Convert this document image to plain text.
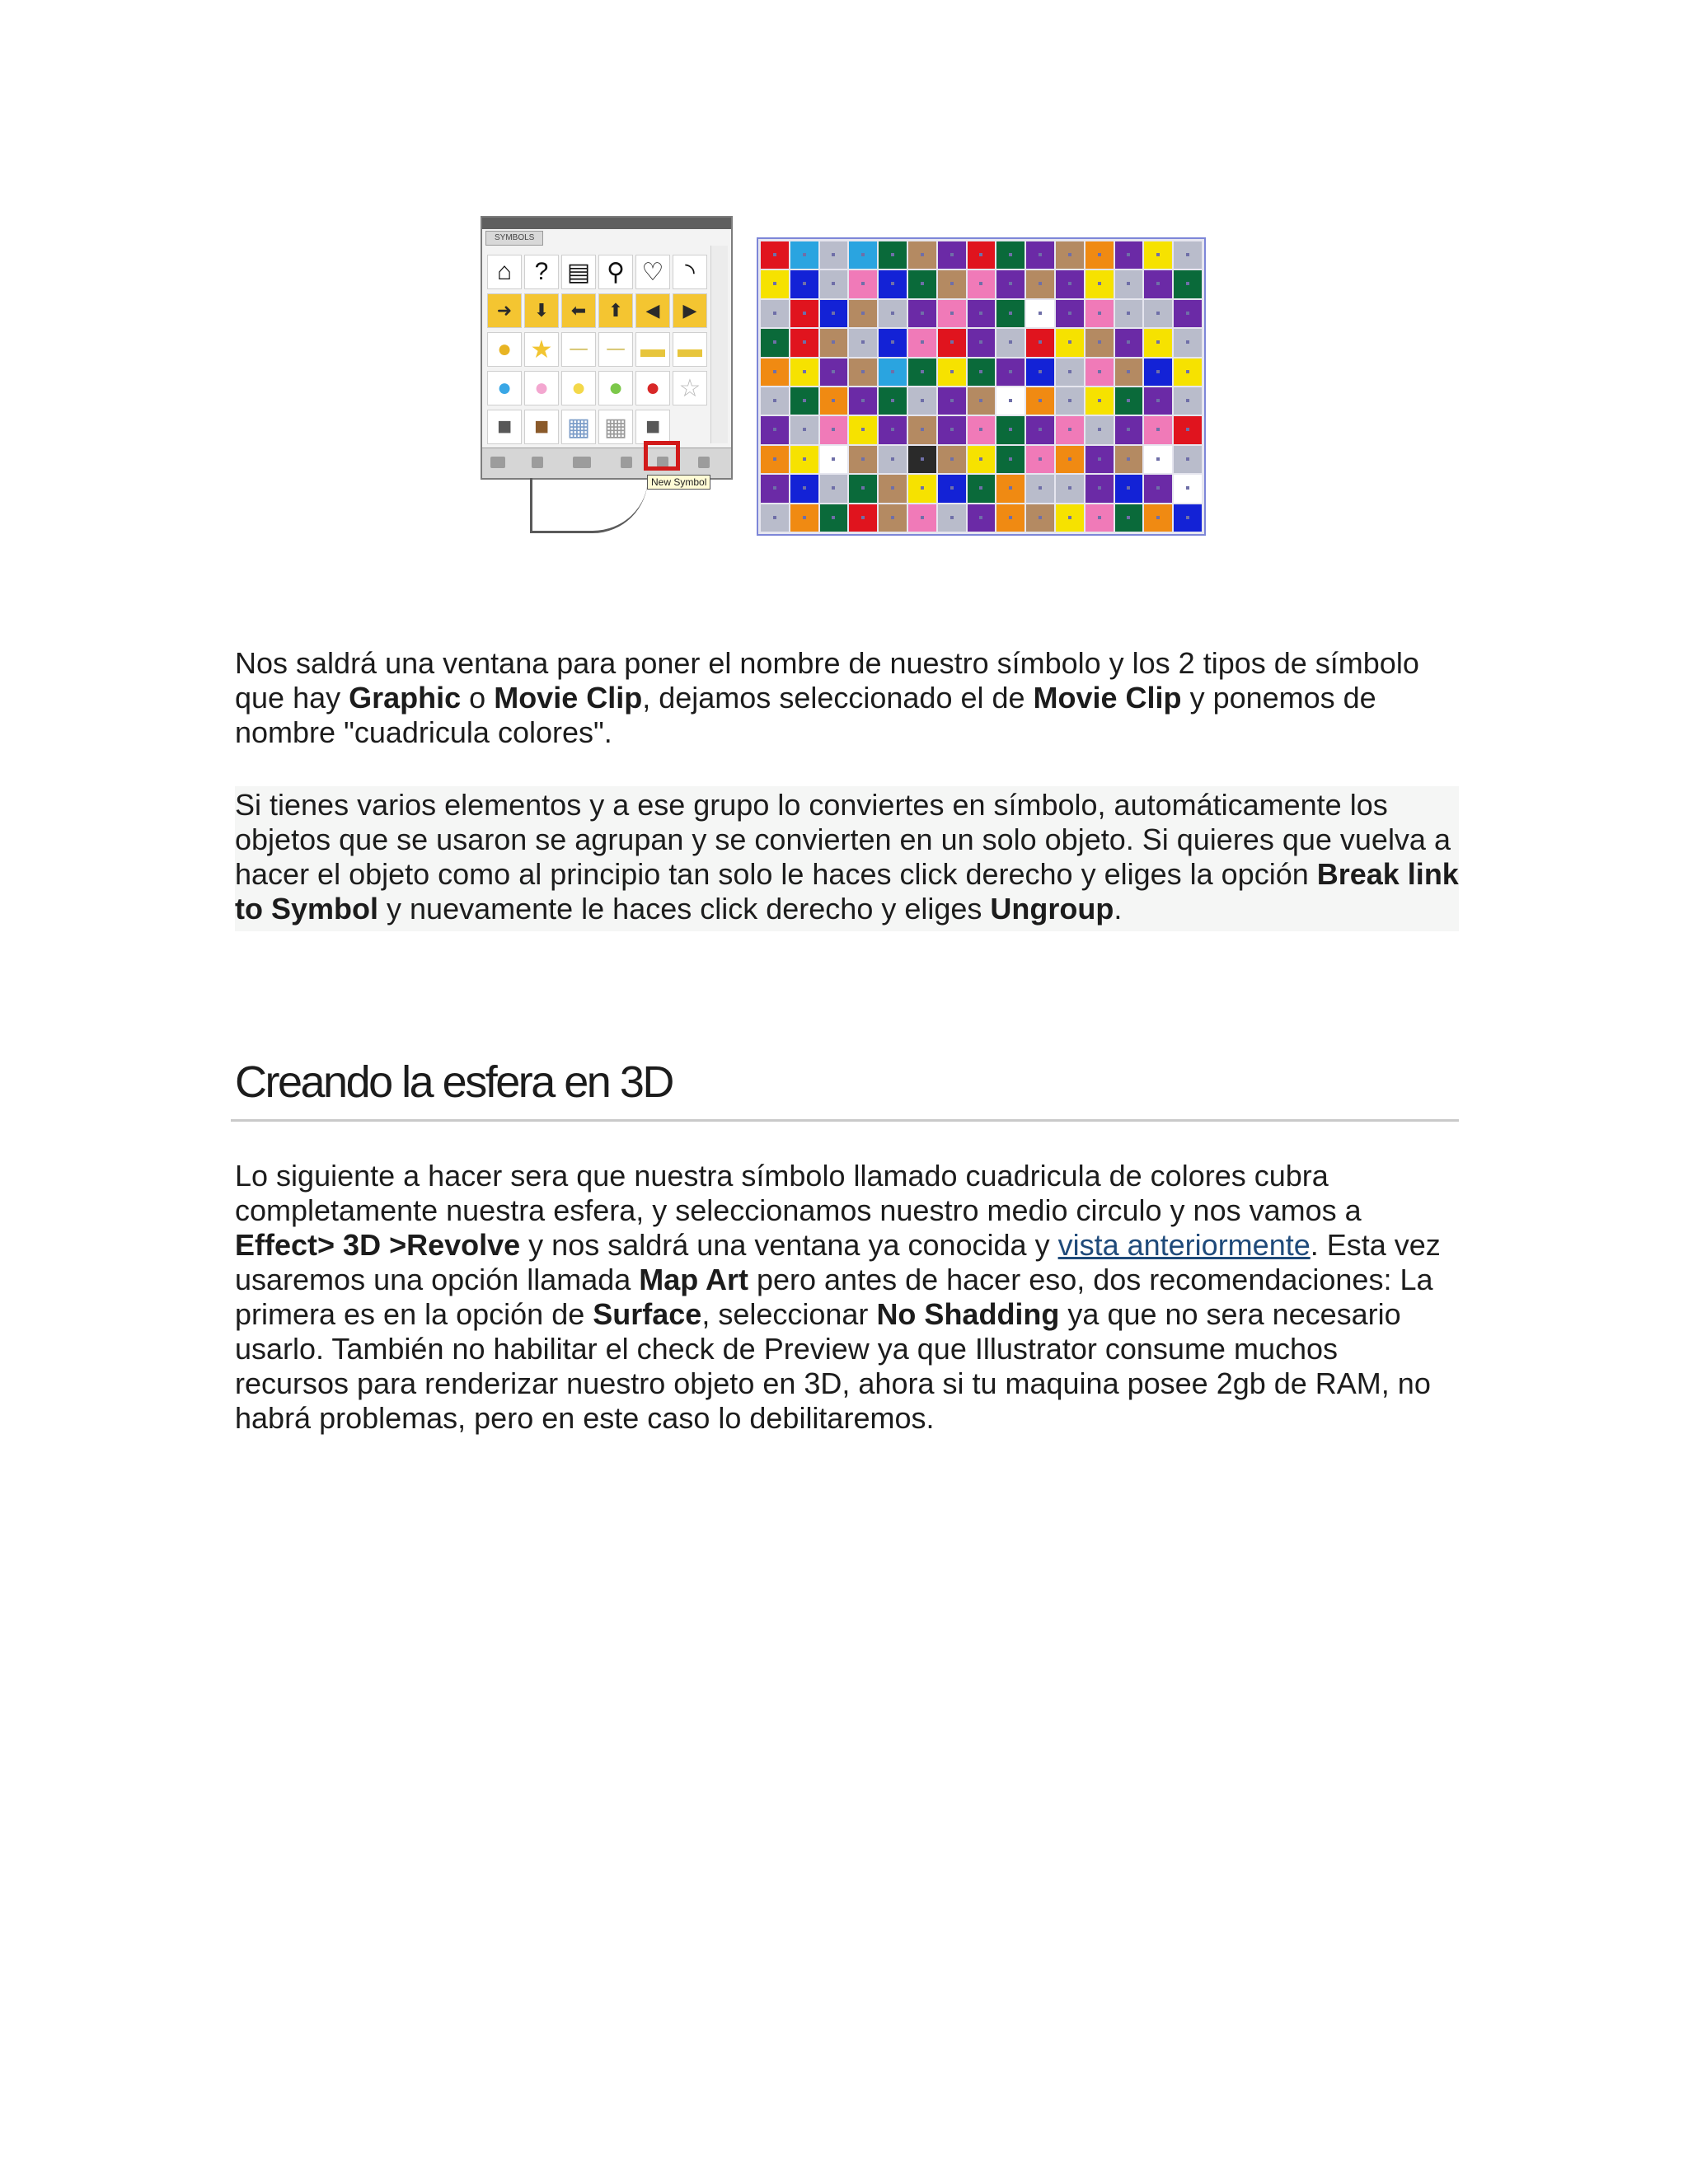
SYMBOLS
⌂ ? ▤ ⚲ ♡ ◝
➜	⬇	⬅	⬆	◀	▶
● ★ ─ ─ ▬ ▬
● ● ● ● ● ☆
■ ■ ▦ ▦ ■
New Symbol

Nos saldrá una ventana para poner el nombre de nuestro símbolo y los 2 tipos de símbolo que hay Graphic o Movie Clip, dejamos seleccionado el de Movie Clip y ponemos de nombre "cuadricula colores".

Si tienes varios elementos y a ese grupo lo conviertes en símbolo, automáticamente los objetos que se usaron se agrupan y se convierten en un solo objeto. Si quieres que vuelva a hacer el objeto como al principio tan solo le haces click derecho y eliges la opción Break link to Symbol y nuevamente le haces click derecho y eliges Ungroup.

Creando la esfera en 3D

Lo siguiente a hacer sera que nuestra símbolo llamado cuadricula de colores cubra completamente nuestra esfera, y seleccionamos nuestro medio circulo y nos vamos a Effect> 3D >Revolve y nos saldrá una ventana ya conocida y vista anteriormente. Esta vez usaremos una opción llamada Map Art pero antes de hacer eso, dos recomendaciones: La primera es en la opción de Surface, seleccionar No Shadding ya que no sera necesario usarlo. También no habilitar el check de Preview ya que Illustrator consume muchos recursos para renderizar nuestro objeto en 3D, ahora si tu maquina posee 2gb de RAM, no habrá problemas, pero en este caso lo debilitaremos.
